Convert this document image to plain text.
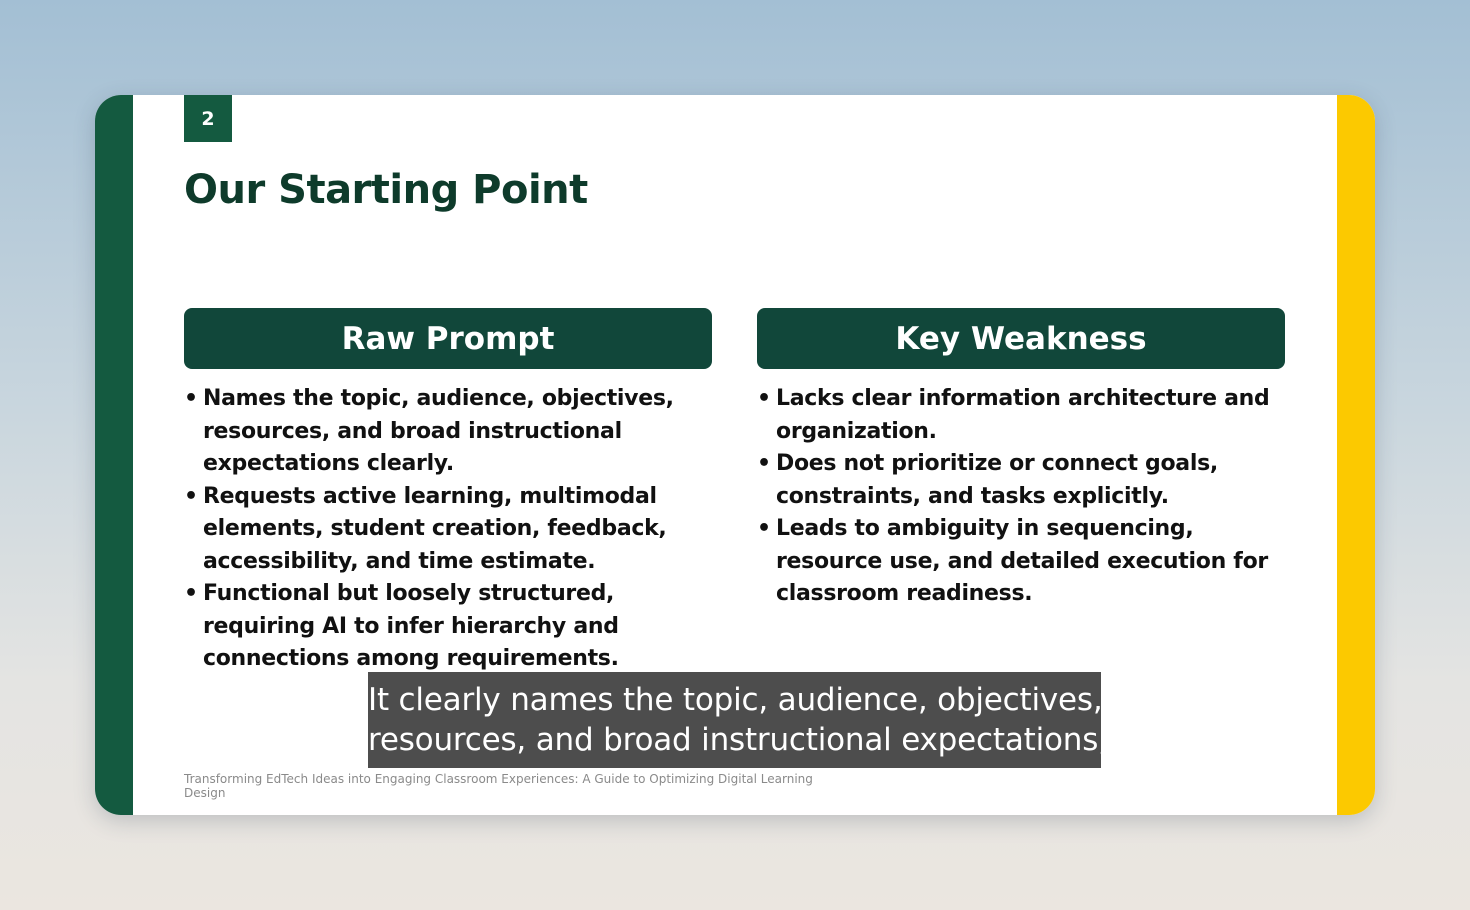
2
Our Starting Point
Raw Prompt
• Names the topic, audience, objectives, resources, and broad instructional expectations clearly.
• Requests active learning, multimodal elements, student creation, feedback, accessibility, and time estimate.
• Functional but loosely structured, requiring AI to infer hierarchy and connections among requirements.
Key Weakness
• Lacks clear information architecture and organization.
• Does not prioritize or connect goals, constraints, and tasks explicitly.
• Leads to ambiguity in sequencing, resource use, and detailed execution for classroom readiness.
Transforming EdTech Ideas into Engaging Classroom Experiences: A Guide to Optimizing Digital Learning Design
It clearly names the topic, audience, objectives,
resources, and broad instructional expectations,
